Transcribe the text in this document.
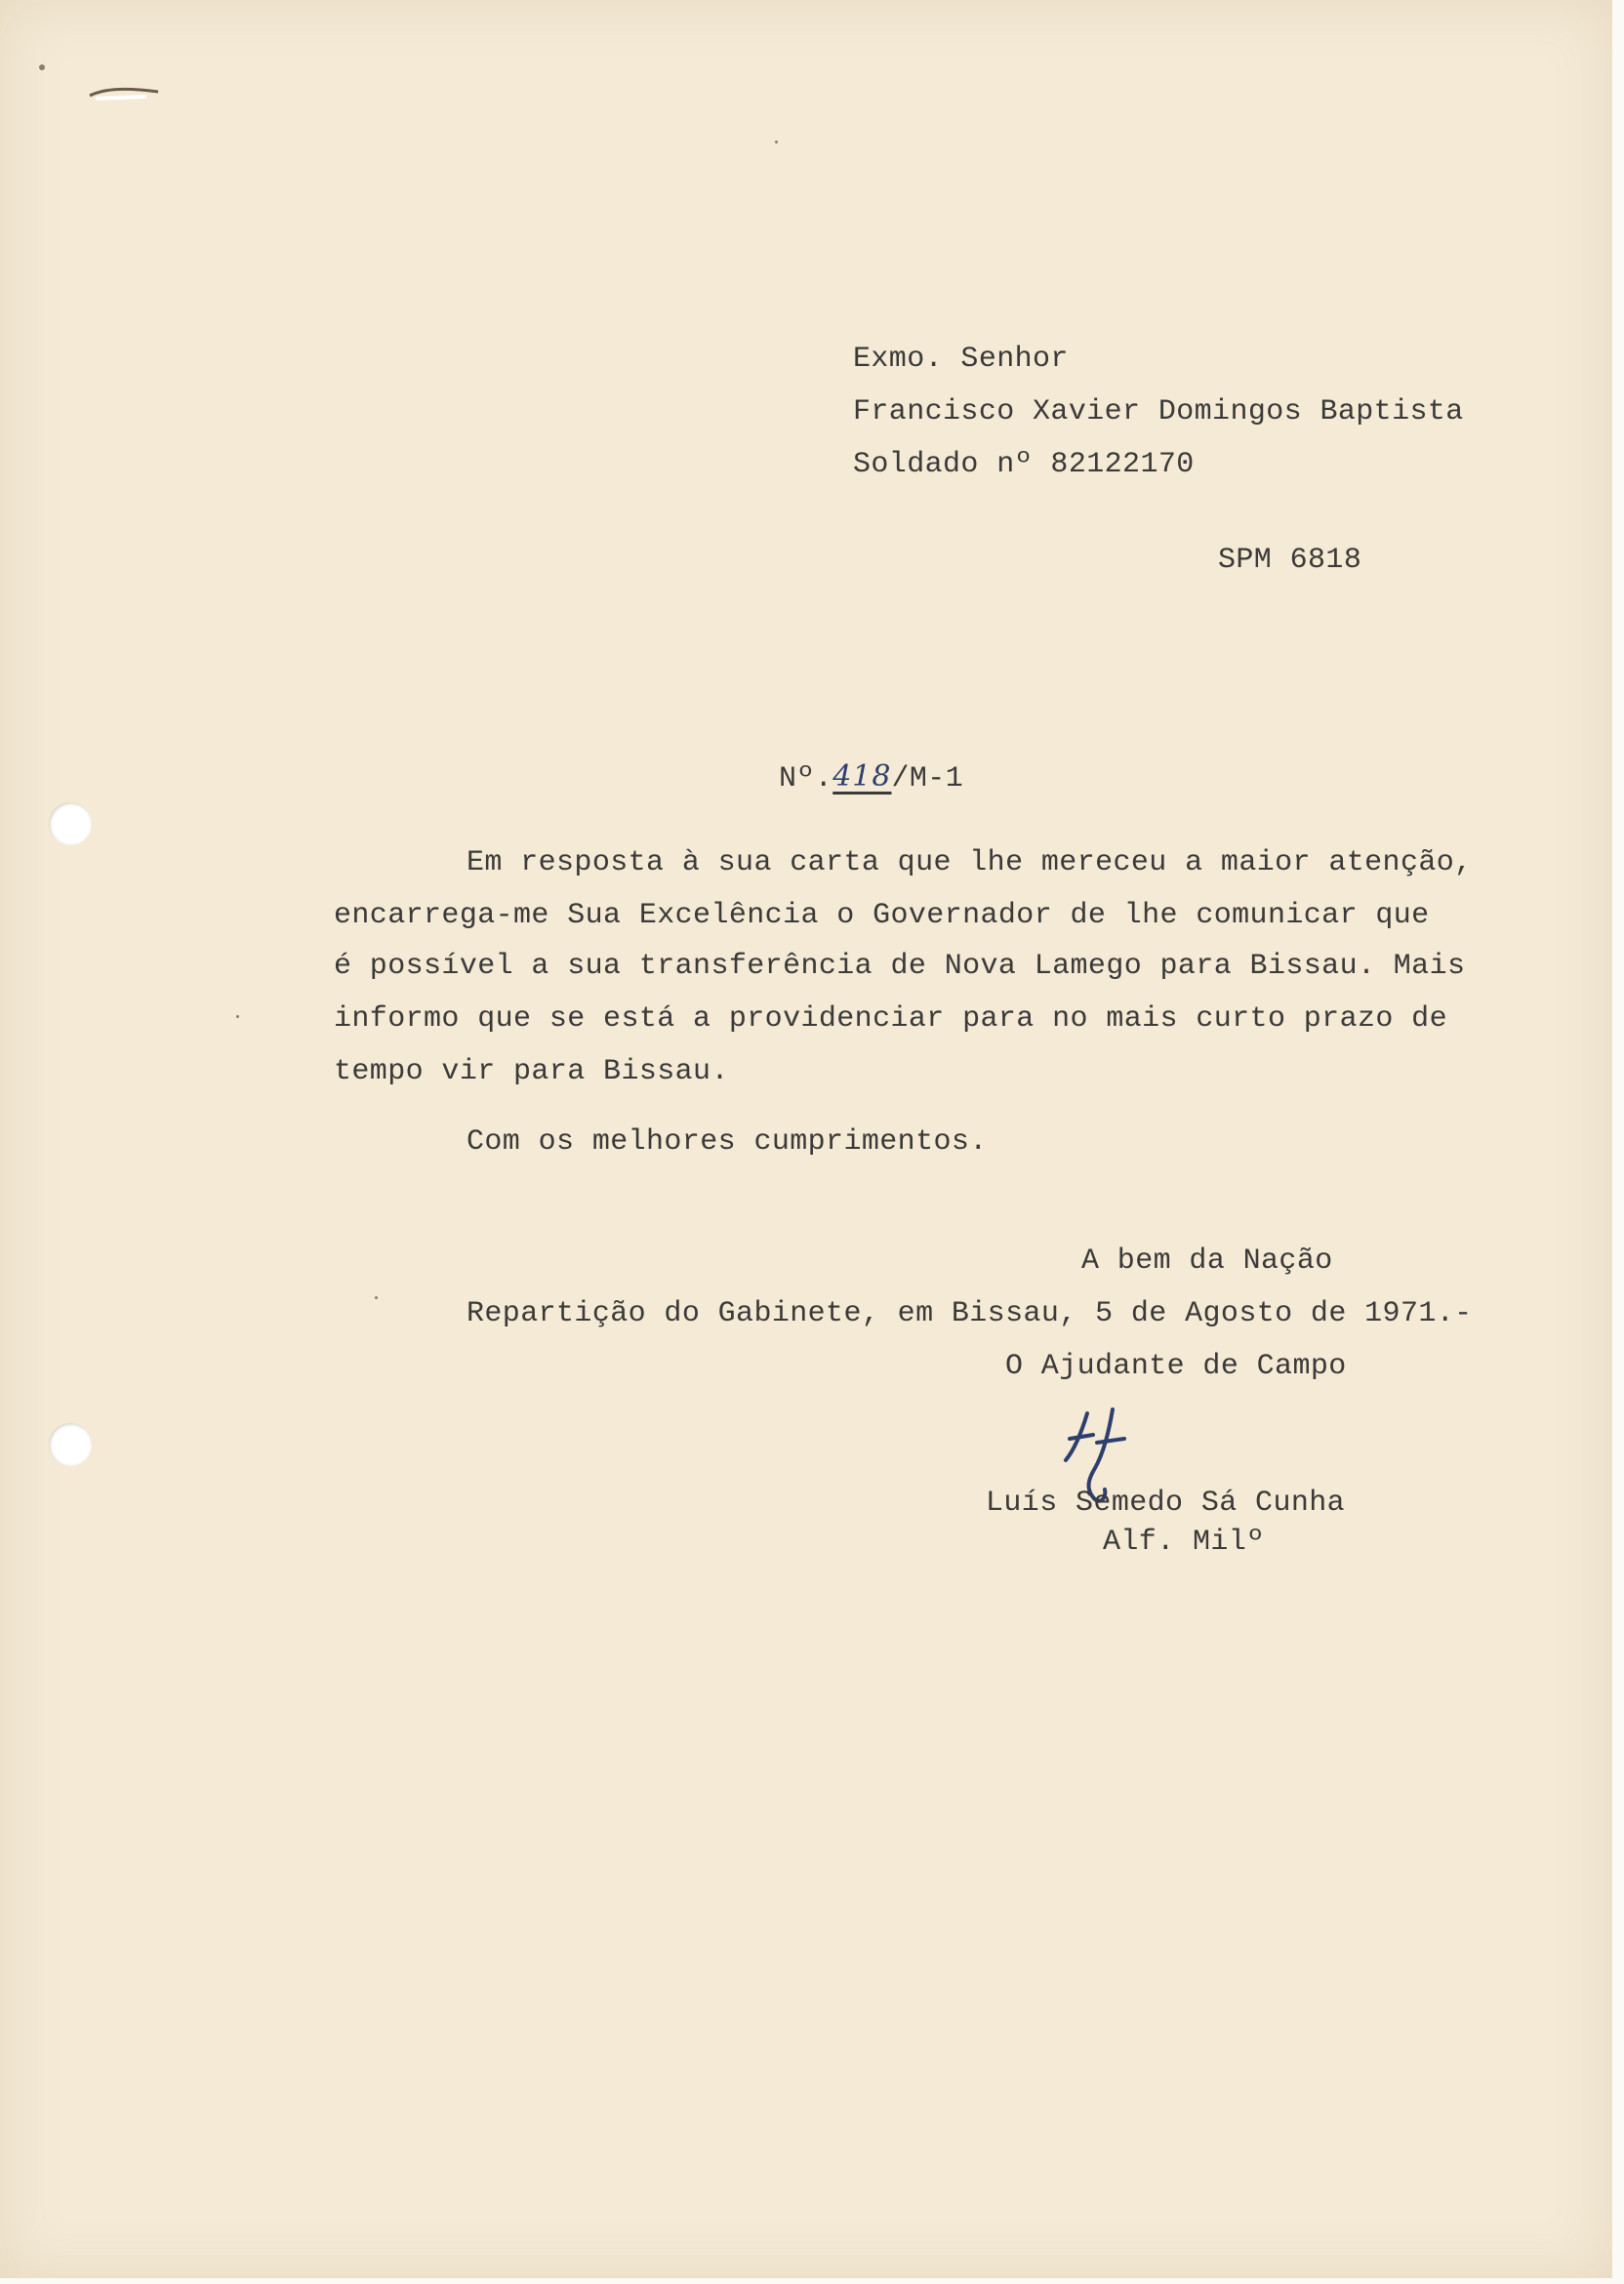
Exmo. Senhor
Francisco Xavier Domingos Baptista
Soldado nº 82122170
SPM 6818
Nº.418/M-1
Em resposta à sua carta que lhe mereceu a maior atenção,
encarrega-me Sua Excelência o Governador de lhe comunicar que
é possível a sua transferência de Nova Lamego para Bissau. Mais
informo que se está a providenciar para no mais curto prazo de
tempo vir para Bissau.
Com os melhores cumprimentos.
A bem da Nação
Repartição do Gabinete, em Bissau, 5 de Agosto de 1971.-
O Ajudante de Campo
Luís Semedo Sá Cunha
Alf. Milº
